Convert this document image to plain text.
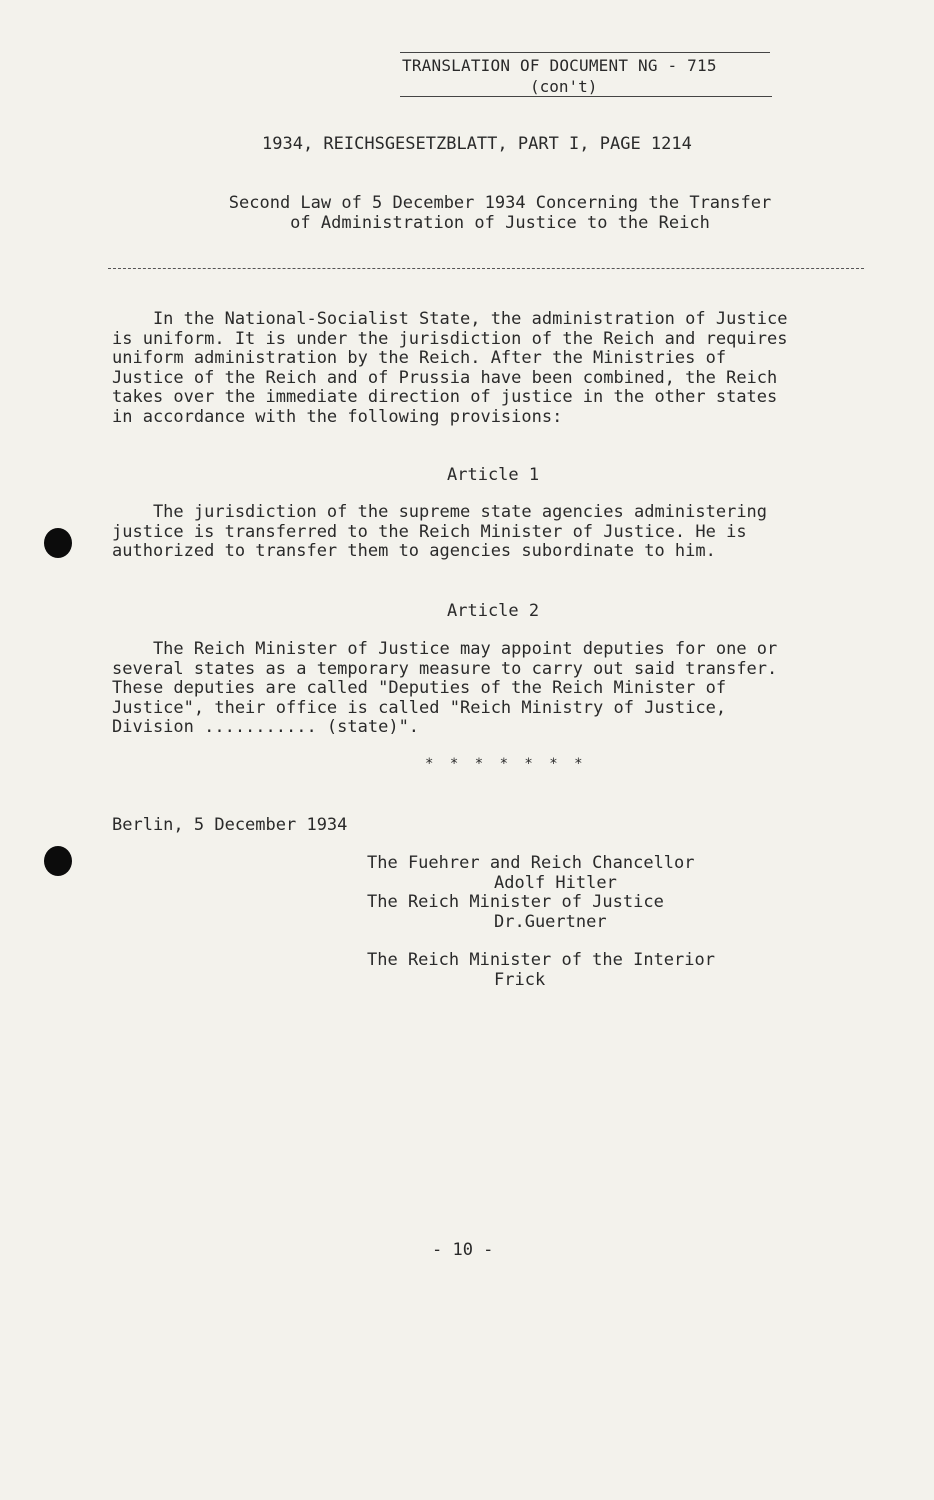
TRANSLATION OF DOCUMENT NG - 715
(con't)
1934, REICHSGESETZBLATT, PART I, PAGE 1214
Second Law of 5 December 1934 Concerning the Transfer
of Administration of Justice to the Reich
In the National-Socialist State, the administration of Justice
is uniform. It is under the jurisdiction of the Reich and requires
uniform administration by the Reich. After the Ministries of
Justice of the Reich and of Prussia have been combined, the Reich
takes over the immediate direction of justice in the other states
in accordance with the following provisions:
Article 1
The jurisdiction of the supreme state agencies administering
justice is transferred to the Reich Minister of Justice. He is
authorized to transfer them to agencies subordinate to him.
Article 2
The Reich Minister of Justice may appoint deputies for one or
several states as a temporary measure to carry out said transfer.
These deputies are called "Deputies of the Reich Minister of
Justice", their office is called "Reich Ministry of Justice,
Division ........... (state)".
* * * * * * *
Berlin, 5 December 1934
The Fuehrer and Reich Chancellor
Adolf Hitler
The Reich Minister of Justice
Dr.Guertner
The Reich Minister of the Interior
Frick
- 10 -
